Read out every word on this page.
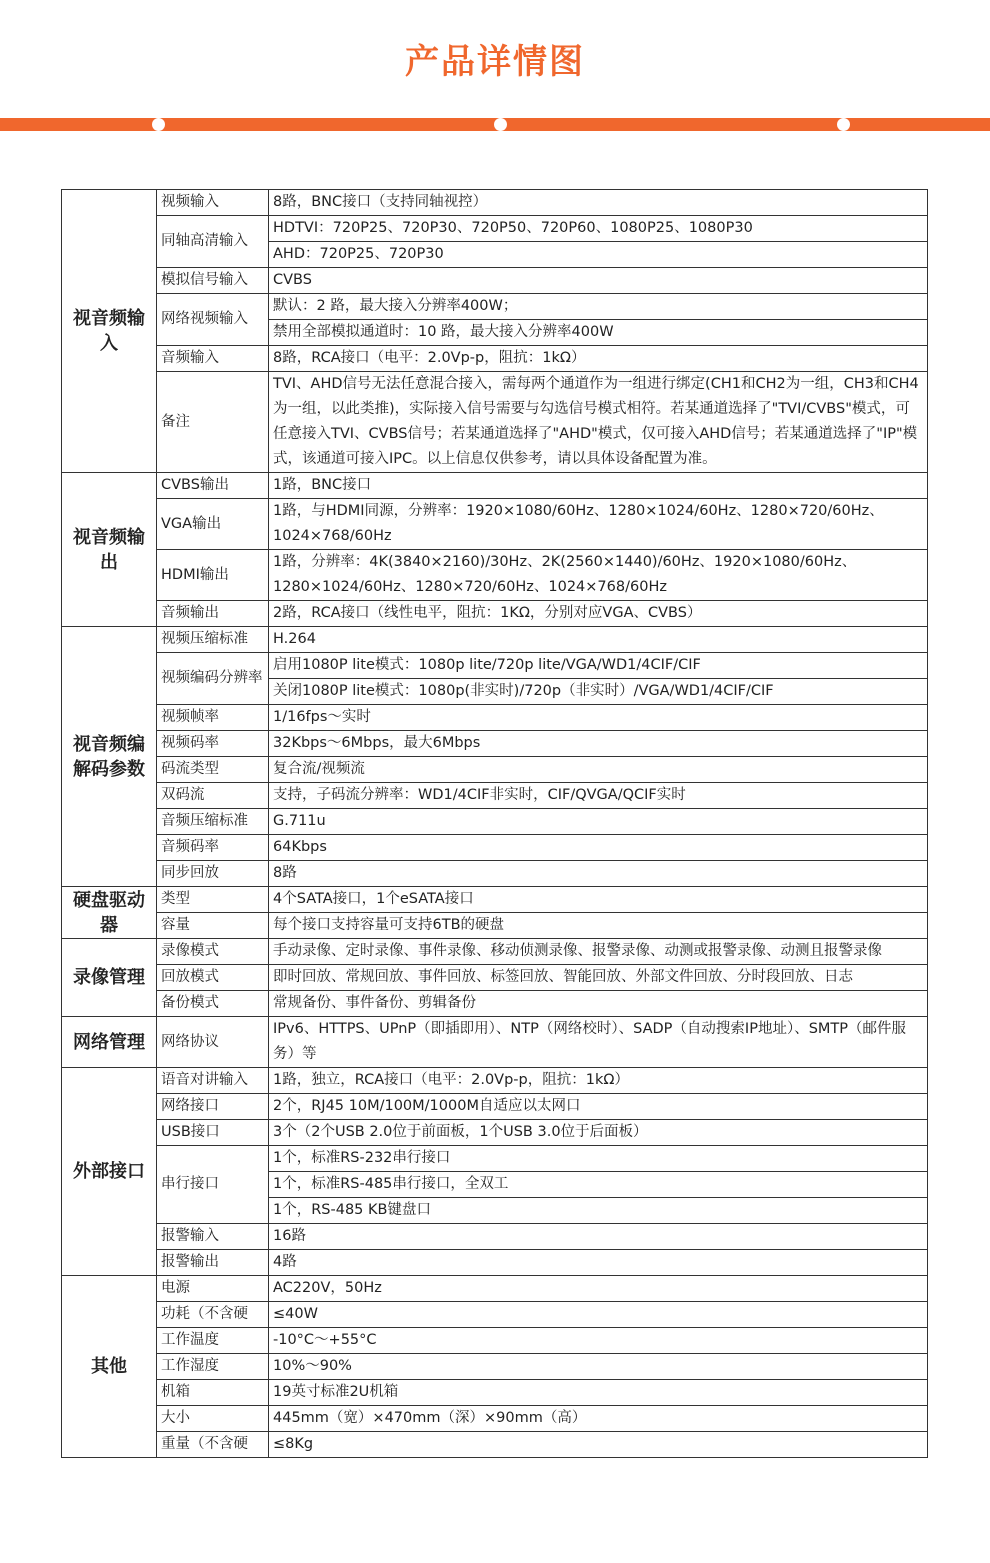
产品详情图
视音频输入	视频输入	8路，BNC接口（支持同轴视控）
	同轴高清输入	HDTVI：720P25、720P30、720P50、720P60、1080P25、1080P30
		AHD：720P25、720P30
	模拟信号输入	CVBS
	网络视频输入	默认：2 路，最大接入分辨率400W；
		禁用全部模拟通道时：10 路，最大接入分辨率400W
	音频输入	8路，RCA接口（电平：2.0Vp-p，阻抗：1kΩ）
	备注	TVI、AHD信号无法任意混合接入，需每两个通道作为一组进行绑定(CH1和CH2为一组，CH3和CH4为一组，以此类推)，实际接入信号需要与勾选信号模式相符。若某通道选择了"TVI/CVBS"模式，可任意接入TVI、CVBS信号；若某通道选择了"AHD"模式，仅可接入AHD信号；若某通道选择了"IP"模式，该通道可接入IPC。以上信息仅供参考，请以具体设备配置为准。
视音频输出	CVBS输出	1路，BNC接口
	VGA输出	1路，与HDMI同源，分辨率：1920×1080/60Hz、1280×1024/60Hz、1280×720/60Hz、1024×768/60Hz
	HDMI输出	1路，分辨率：4K(3840×2160)/30Hz、2K(2560×1440)/60Hz、1920×1080/60Hz、1280×1024/60Hz、1280×720/60Hz、1024×768/60Hz
	音频输出	2路，RCA接口（线性电平，阻抗：1KΩ，分别对应VGA、CVBS）
视音频编解码参数	视频压缩标准	H.264
	视频编码分辨率	启用1080P lite模式：1080p lite/720p lite/VGA/WD1/4CIF/CIF
		关闭1080P lite模式：1080p(非实时)/720p（非实时）/VGA/WD1/4CIF/CIF
	视频帧率	1/16fps～实时
	视频码率	32Kbps～6Mbps，最大6Mbps
	码流类型	复合流/视频流
	双码流	支持，子码流分辨率：WD1/4CIF非实时，CIF/QVGA/QCIF实时
	音频压缩标准	G.711u
	音频码率	64Kbps
	同步回放	8路
硬盘驱动器	类型	4个SATA接口，1个eSATA接口
	容量	每个接口支持容量可支持6TB的硬盘
录像管理	录像模式	手动录像、定时录像、事件录像、移动侦测录像、报警录像、动测或报警录像、动测且报警录像
	回放模式	即时回放、常规回放、事件回放、标签回放、智能回放、外部文件回放、分时段回放、日志
	备份模式	常规备份、事件备份、剪辑备份
网络管理	网络协议	IPv6、HTTPS、UPnP（即插即用）、NTP（网络校时）、SADP（自动搜索IP地址）、SMTP（邮件服务）等
外部接口	语音对讲输入	1路，独立，RCA接口（电平：2.0Vp-p，阻抗：1kΩ）
	网络接口	2个，RJ45 10M/100M/1000M自适应以太网口
	USB接口	3个（2个USB 2.0位于前面板，1个USB 3.0位于后面板）
	串行接口	1个，标准RS-232串行接口
		1个，标准RS-485串行接口，全双工
		1个，RS-485 KB键盘口
	报警输入	16路
	报警输出	4路
其他	电源	AC220V，50Hz
	功耗（不含硬	≤40W
	工作温度	-10°C～+55°C
	工作湿度	10%～90%
	机箱	19英寸标准2U机箱
	大小	445mm（宽）×470mm（深）×90mm（高）
	重量（不含硬	≤8Kg
